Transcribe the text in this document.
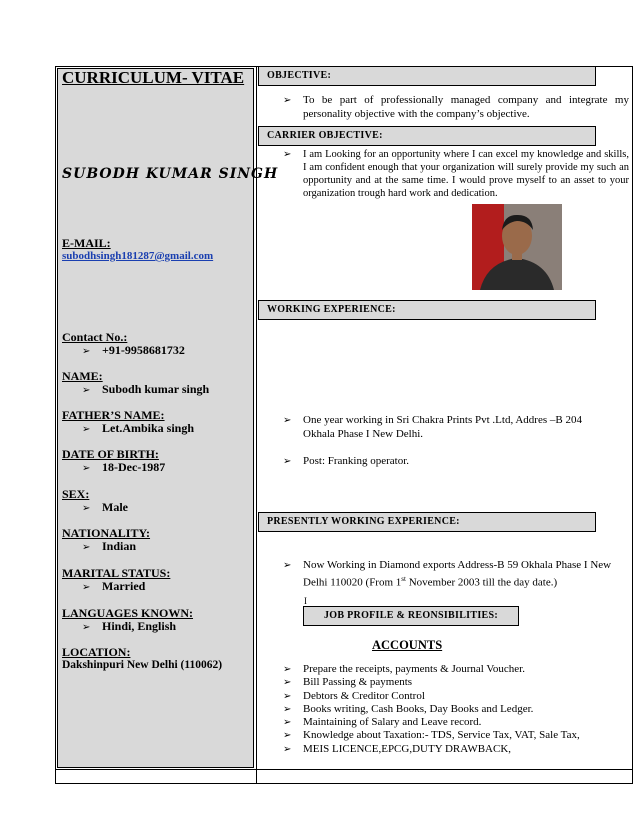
CURRICULUM- VITAE
SUBODH KUMAR SINGH
E-MAIL:
subodhsingh181287@gmail.com
Contact No.:
➢ +91-9958681732
NAME:
➢ Subodh kumar singh
FATHER’S NAME:
➢ Let.Ambika singh
DATE OF BIRTH:
➢ 18-Dec-1987
SEX:
➢ Male
NATIONALITY:
➢ Indian
MARITAL STATUS:
➢ Married
LANGUAGES KNOWN:
➢ Hindi, English
LOCATION:
Dakshinpuri New Delhi (110062)
OBJECTIVE:
➢	To be part of professionally managed company and integrate my personality objective with the company’s objective.
CARRIER OBJECTIVE:
➢	I am Looking for an opportunity where I can excel my knowledge and skills, I am confident enough that your organization will surely provide my such an opportunity and at the same time. I would prove myself to an asset to your organization trough hard work and dedication.
WORKING EXPERIENCE:
➢	One year working in Sri Chakra Prints Pvt .Ltd, Addres –B 204 Okhala Phase I New Delhi.
➢	Post: Franking operator.
PRESENTLY WORKING EXPERIENCE:
➢	Now Working in Diamond exports Address-B 59 Okhala Phase I New Delhi 110020 (From 1st November 2003 till the day date.)
I
JOB PROFILE & REONSIBILITIES:
ACCOUNTS
➢	Prepare the receipts, payments & Journal Voucher.
➢	Bill Passing & payments
➢	Debtors & Creditor Control
➢	Books writing, Cash Books, Day Books and Ledger.
➢	Maintaining of Salary and Leave record.
➢	Knowledge about Taxation:- TDS, Service Tax, VAT, Sale Tax,
➢	MEIS LICENCE,EPCG,DUTY DRAWBACK,
